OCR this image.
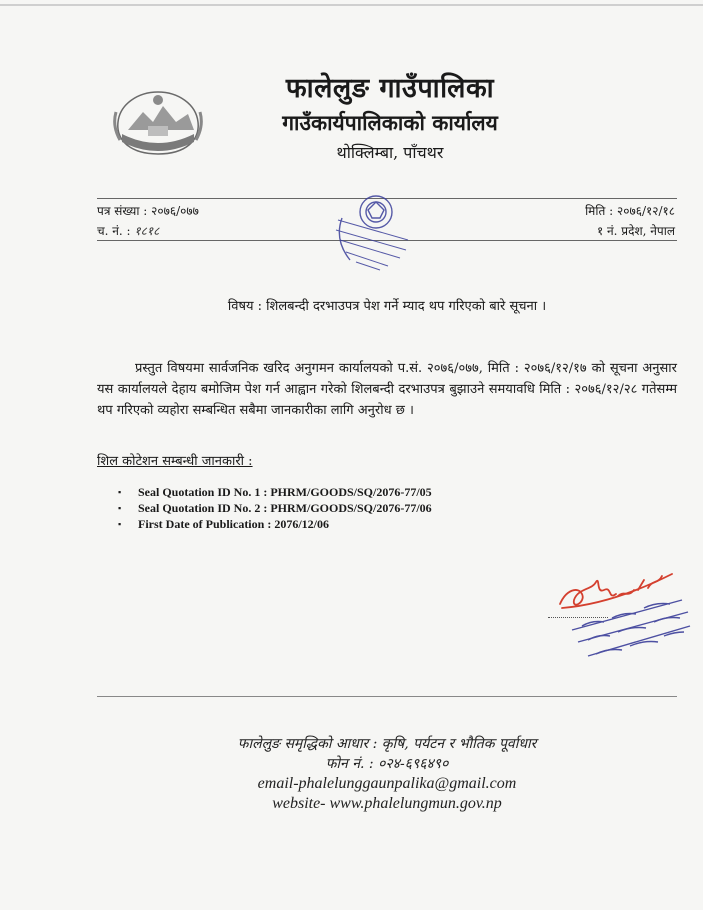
फालेलुङ गाउँपालिका
गाउँकार्यपालिकाको कार्यालय
थोक्लिम्बा, पाँचथर
पत्र संख्या : २०७६/०७७
च. नं. : १८१८
मिति : २०७६/१२/१८
१ नं. प्रदेश, नेपाल
विषय : शिलबन्दी दरभाउपत्र पेश गर्ने म्याद थप गरिएको बारे सूचना ।
प्रस्तुत विषयमा सार्वजनिक खरिद अनुगमन कार्यालयको प.सं. २०७६/०७७, मिति : २०७६/१२/१७ को सूचना अनुसार यस कार्यालयले देहाय बमोजिम पेश गर्न आह्वान गरेको शिलबन्दी दरभाउपत्र बुझाउने समयावधि मिति : २०७६/१२/२८ गतेसम्म थप गरिएको व्यहोरा सम्बन्धित सबैमा जानकारीका लागि अनुरोध छ ।
शिल कोटेशन सम्बन्धी जानकारी :
▪ Seal Quotation ID No. 1 : PHRM/GOODS/SQ/2076-77/05
▪ Seal Quotation ID No. 2 : PHRM/GOODS/SQ/2076-77/06
▪ First Date of Publication : 2076/12/06
फालेलुङ समृद्धिको आधार : कृषि, पर्यटन र भौतिक पूर्वाधार
फोन नं. : ०२४-६९६४९०
email-phalelunggaunpalika@gmail.com
website- www.phalelungmun.gov.np
